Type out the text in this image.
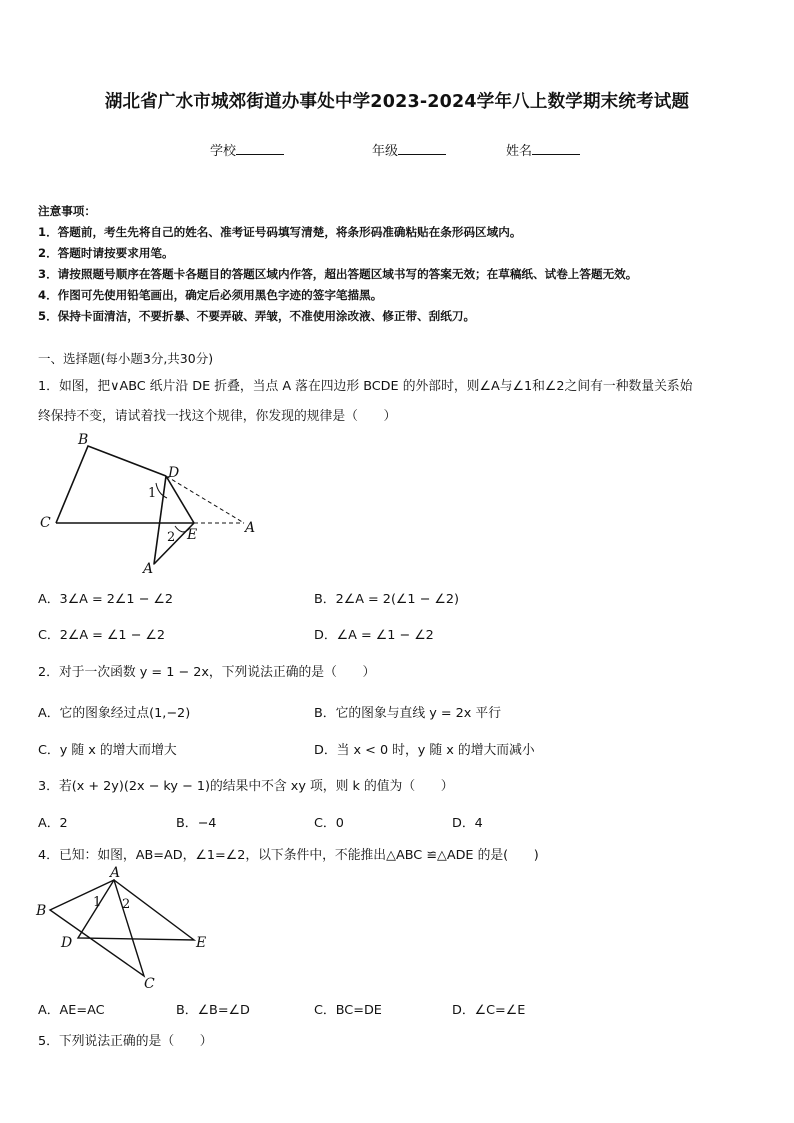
湖北省广水市城郊街道办事处中学2023-2024学年八上数学期末统考试题
学校	年级	姓名
注意事项：
1．答题前，考生先将自己的姓名、准考证号码填写清楚，将条形码准确粘贴在条形码区域内。
2．答题时请按要求用笔。
3．请按照题号顺序在答题卡各题目的答题区域内作答，超出答题区域书写的答案无效；在草稿纸、试卷上答题无效。
4．作图可先使用铅笔画出，确定后必须用黑色字迹的签字笔描黑。
5．保持卡面清洁，不要折暴、不要弄破、弄皱，不准使用涂改液、修正带、刮纸刀。
一、选择题(每小题3分,共30分)
1．如图，把∨ABC 纸片沿 DE 折叠，当点 A 落在四边形 BCDE 的外部时，则∠A与∠1和∠2之间有一种数量关系始
终保持不变，请试着找一找这个规律，你发现的规律是（　　）
B
D
C
E	A
A′
1
2
A．3∠A = 2∠1 − ∠2	B．2∠A = 2(∠1 − ∠2)
C．2∠A = ∠1 − ∠2	D．∠A = ∠1 − ∠2
2．对于一次函数 y = 1 − 2x，下列说法正确的是（　　）
A．它的图象经过点(1,−2)	B．它的图象与直线 y = 2x 平行
C．y 随 x 的增大而增大	D．当 x < 0 时，y 随 x 的增大而减小
3．若(x + 2y)(2x − ky − 1)的结果中不含 xy 项，则 k 的值为（　　）
A．2	B．−4	C．0	D．4
4．已知：如图，AB=AD，∠1=∠2，以下条件中，不能推出△ABC ≌△ADE 的是(　　)
A
B
D	E
C
1 2
A．AE=AC	B．∠B=∠D	C．BC=DE	D．∠C=∠E
5．下列说法正确的是（　　）
